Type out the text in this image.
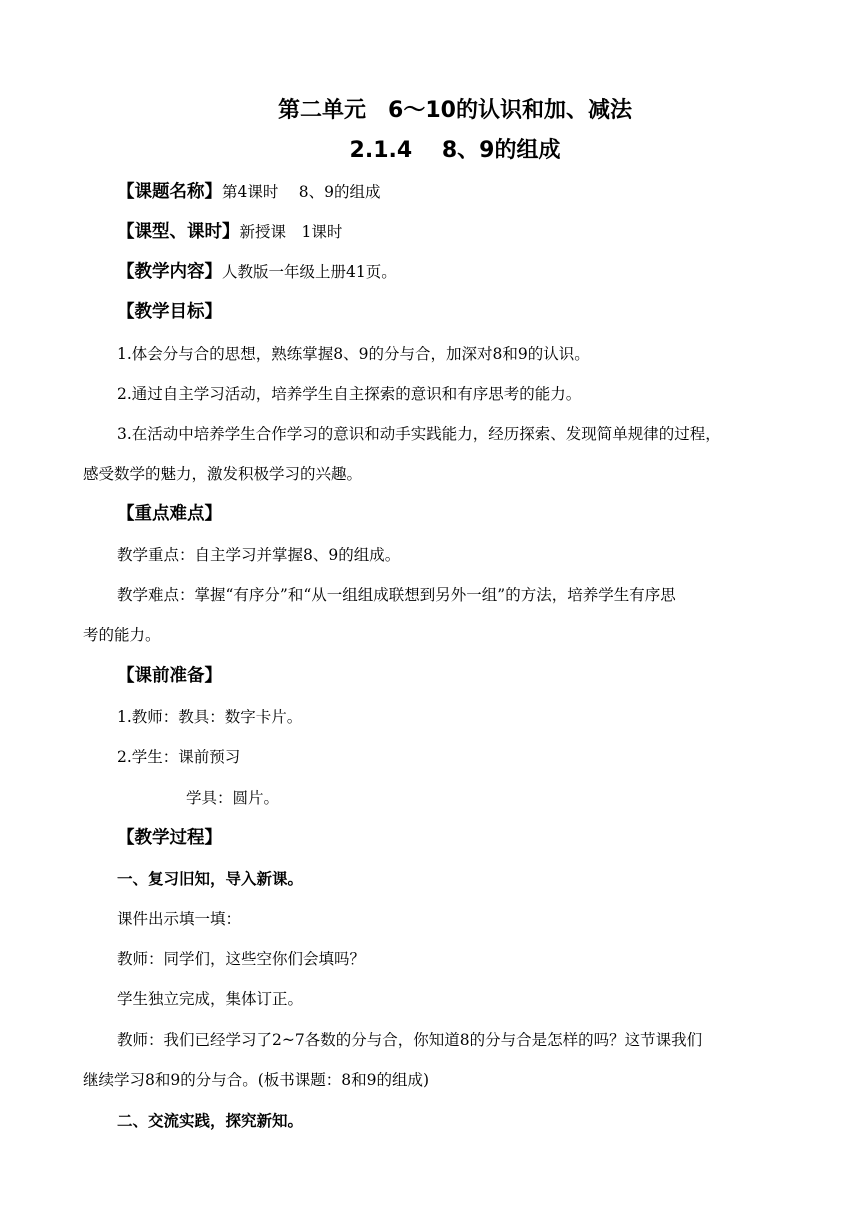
第二单元　6～10的认识和加、减法
2.1.4　 8、9的组成
【课题名称】第4课时　 8、9的组成
【课型、课时】新授课　1课时
【教学内容】人教版一年级上册41页。
【教学目标】
1.体会分与合的思想，熟练掌握8、9的分与合，加深对8和9的认识。
2.通过自主学习活动，培养学生自主探索的意识和有序思考的能力。
3.在活动中培养学生合作学习的意识和动手实践能力，经历探索、发现简单规律的过程，
感受数学的魅力，激发积极学习的兴趣。
【重点难点】
教学重点：自主学习并掌握8、9的组成。
教学难点：掌握“有序分”和“从一组组成联想到另外一组”的方法，培养学生有序思
考的能力。
【课前准备】
1.教师：教具：数字卡片。
2.学生：课前预习
学具：圆片。
【教学过程】
一、复习旧知，导入新课。
课件出示填一填：
教师：同学们，这些空你们会填吗？
学生独立完成，集体订正。
教师：我们已经学习了2~7各数的分与合，你知道8的分与合是怎样的吗？这节课我们
继续学习8和9的分与合。(板书课题：8和9的组成)
二、交流实践，探究新知。
